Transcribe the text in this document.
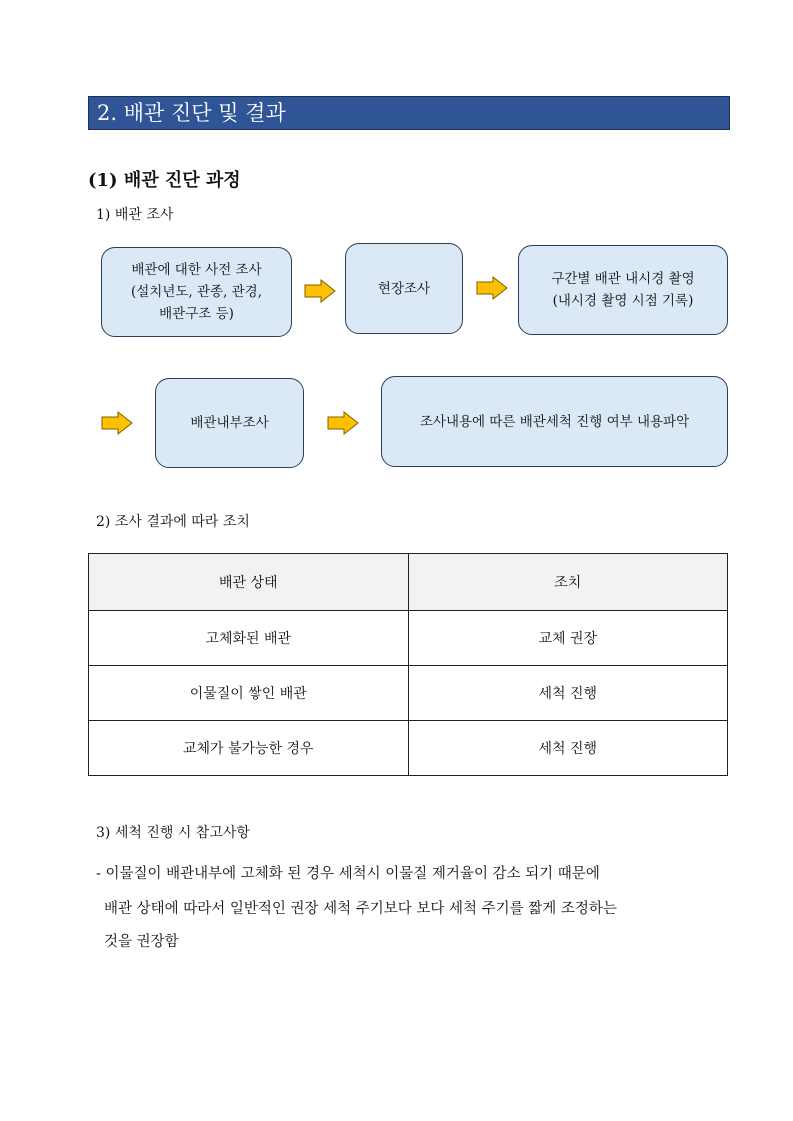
2. 배관 진단 및 결과
(1) 배관 진단 과정
1) 배관 조사
배관에 대한 사전 조사
(설치년도, 관종, 관경,
배관구조 등)
현장조사
구간별 배관 내시경 촬영
(내시경 촬영 시점 기록)
배관내부조사	조사내용에 따른 배관세척 진행 여부 내용파악
2) 조사 결과에 따라 조치
배관 상태	조치
고체화된 배관	교체 권장
이물질이 쌓인 배관	세척 진행
교체가 불가능한 경우	세척 진행
3) 세척 진행 시 참고사항
- 이물질이 배관내부에 고체화 된 경우 세척시 이물질 제거율이 감소 되기 때문에
배관 상태에 따라서 일반적인 권장 세척 주기보다 보다 세척 주기를 짧게 조정하는
것을 권장함
